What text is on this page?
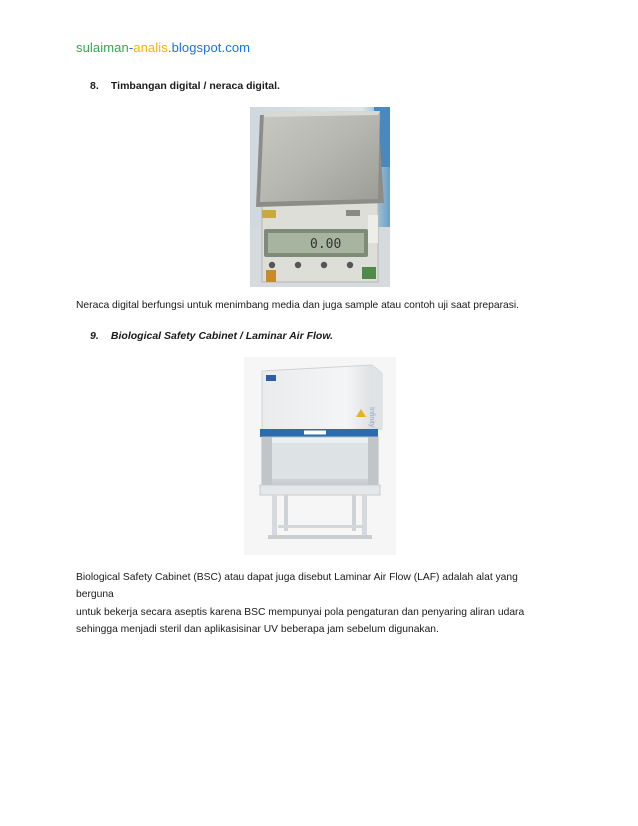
sulaiman-analis.blogspot.com
8. Timbangan digital / neraca digital.
0.00
Neraca digital berfungsi untuk menimbang media dan juga sample atau contoh uji saat preparasi.
9. Biological Safety Cabinet / Laminar Air Flow.
Infinity
Biological Safety Cabinet (BSC) atau dapat juga disebut Laminar Air Flow (LAF) adalah alat yang berguna
untuk bekerja secara aseptis karena BSC mempunyai pola pengaturan dan penyaring aliran udara
sehingga menjadi steril dan aplikasisinar UV beberapa jam sebelum digunakan.
